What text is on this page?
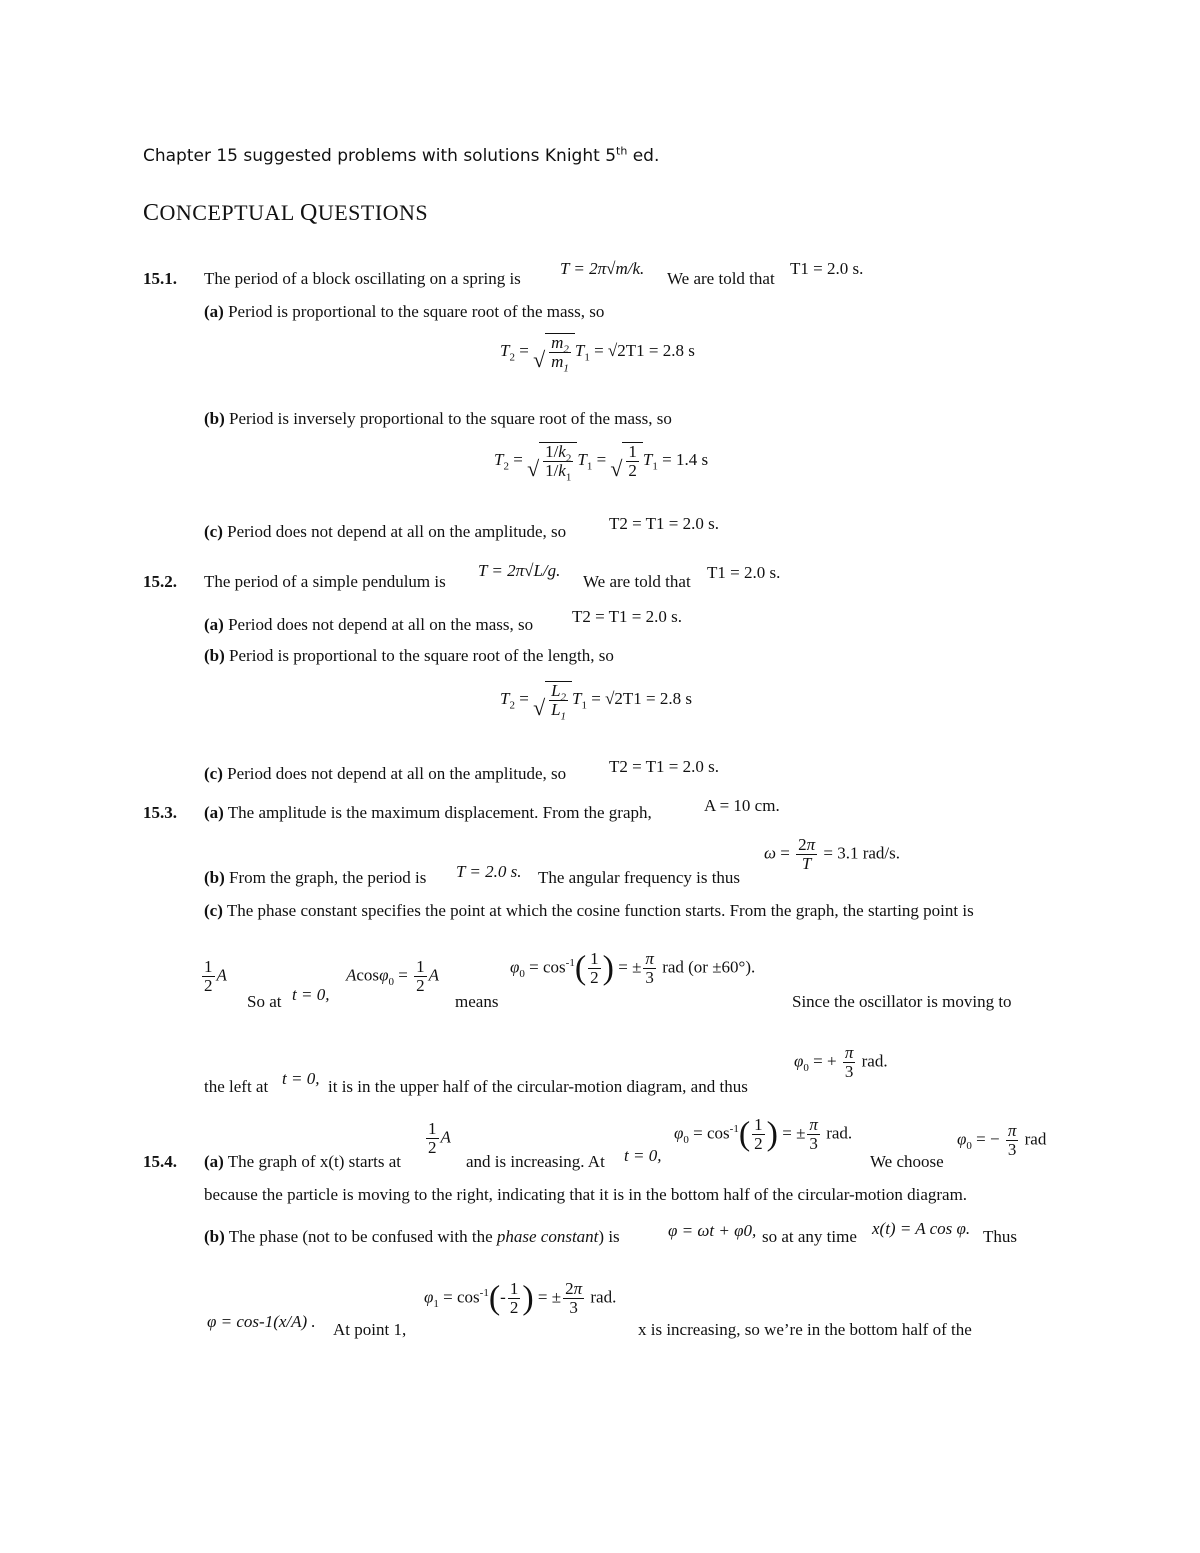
Chapter 15 suggested problems with solutions Knight 5th ed.
CONCEPTUAL QUESTIONS
15.1. The period of a block oscillating on a spring is
T = 2π√m/k.
We are told that
T1 = 2.0 s.
(a) Period is proportional to the square root of the mass, so
$T_2$ = √ $\frac{m_2}{m_1} T_1 = √2T1 = 2.8$ s
(b) Period is inversely proportional to the square root of the mass, so
$T_2$ = √ $\frac{1/k_2}{1/k_1} T_1$ = √ $\frac{1}{2} T_1 = 1.4$ s
(c) Period does not depend at all on the amplitude, so	T2 = T1 = 2.0 s.
15.2. The period of a simple pendulum is
T = 2π√L/g.
We are told that T1 = 2.0 s.
(a) Period does not depend at all on the mass, so T2 = T1 = 2.0 s.
(b) Period is proportional to the square root of the length, so
$T_2$ = √ $\frac{L_2}{L_1} T_1 = √2T1 = 2.8$ s
(c) Period does not depend at all on the amplitude, so	T2 = T1 = 2.0 s.
15.3. (a) The amplitude is the maximum displacement. From the graph,	A = 10 cm.
$\omega = \frac{2\pi}{T} = 3.1$ rad/s.
(b) From the graph, the period is T = 2.0 s. The angular frequency is thus
(c) The phase constant specifies the point at which the cosine function starts. From the graph, the starting point is
$\frac{1}{2}$ A
So at t = 0,
$Acos\varphi_0 = \frac{1}{2}$ A
means
$\varphi_0 = \cos^{-1}( \frac{1}{2}$ ) = ± $\frac{\pi}{3}$ rad (or ±60°).
Since the oscillator is moving to
the left at t = 0, it is in the upper half of the circular-motion diagram, and thus
$\varphi_0$ = + $\frac{\pi}{3}$ rad.
15.4. (a) The graph of x(t) starts at
$\frac{1}{2}$ A
and is increasing. At t = 0,
$\varphi_0 = \cos^{-1}( \frac{1}{2}$ ) = ± $\frac{\pi}{3}$ rad.
We choose
$\varphi_0$ = − $\frac{\pi}{3}$ rad
because the particle is moving to the right, indicating that it is in the bottom half of the circular-motion diagram.
(b) The phase (not to be confused with the phase constant) is	φ = ωt + φ0, so at any time x(t) = A cos φ. Thus
φ = cos-1(x/A) . At point 1,
$\varphi_1 = \cos^{-1}(- \frac{1}{2}$ ) = ± $\frac{2\pi}{3}$ rad.
x is increasing, so we’re in the bottom half of the
